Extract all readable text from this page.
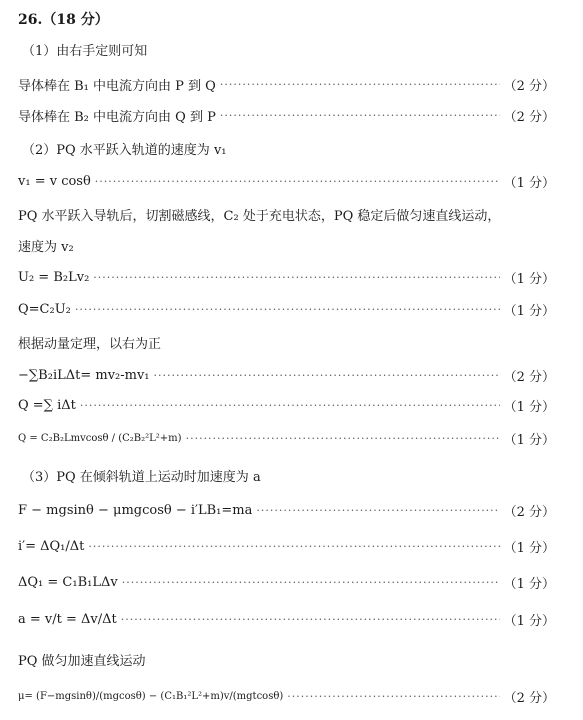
26.（18 分）
（1）由右手定则可知
导体棒在 B₁ 中电流方向由 P 到 Q ·····	（2 分）
导体棒在 B₂ 中电流方向由 Q 到 P ·····	（2 分）
（2）PQ 水平跃入轨道的速度为 v₁
v₁ = v cosθ ·····	（1 分）
PQ 水平跃入导轨后，切割磁感线，C₂ 处于充电状态，PQ 稳定后做匀速直线运动，
速度为 v₂
U₂ = B₂Lv₂ ·····	（1 分）
Q=C₂U₂ ·····	（1 分）
根据动量定理，以右为正
−∑B₂iLΔt= mv₂-mv₁ ·····	（2 分）
Q =∑ iΔt ·····	（1 分）
Q = C₂B₂Lmvcosθ / (C₂B₂²L²+m) ·····	（1 分）
（3）PQ 在倾斜轨道上运动时加速度为 a
F − mgsinθ − μmgcosθ − i′LB₁=ma ·····	（2 分）
i′= ΔQ₁/Δt ·····	（1 分）
ΔQ₁ = C₁B₁LΔv ·····	（1 分）
a = v/t = Δv/Δt ·····	（1 分）
PQ 做匀加速直线运动
μ= (F−mgsinθ)/(mgcosθ) − (C₁B₁²L²+m)v/(mgtcosθ) ·····	（2 分）
